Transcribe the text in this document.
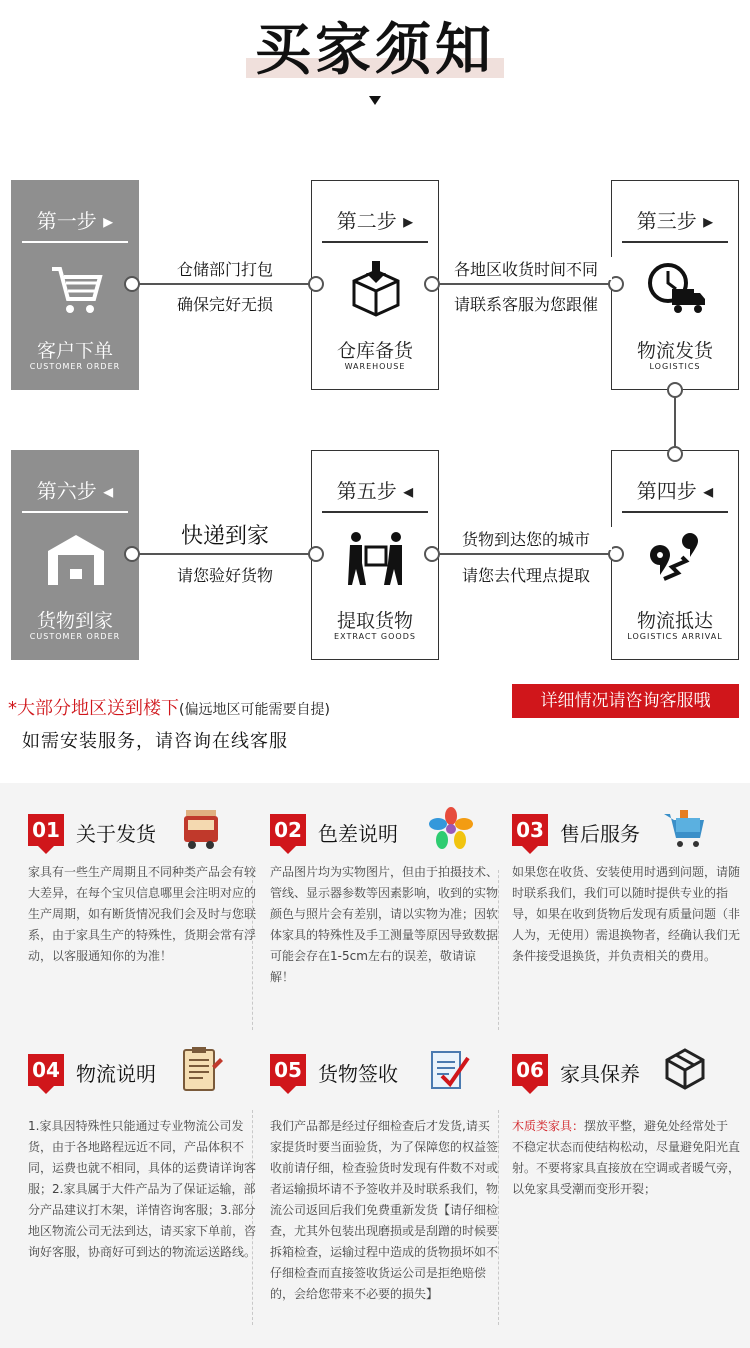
买家须知
第一步 ▸
客户下单
CUSTOMER ORDER
第二步 ▸
仓库备货
WAREHOUSE
第三步 ▸
物流发货
LOGISTICS
第四步 ◂
物流抵达
LOGISTICS ARRIVAL
第五步 ◂
提取货物
EXTRACT GOODS
第六步 ◂
货物到家
CUSTOMER ORDER
仓储部门打包
确保完好无损
各地区收货时间不同
请联系客服为您跟催
货物到达您的城市
请您去代理点提取
快递到家
请您验好货物
*大部分地区送到楼下(偏远地区可能需要自提)
如需安装服务，请咨询在线客服
详细情况请咨询客服哦
01 关于发货
家具有一些生产周期且不同种类产品会有较大差异，在每个宝贝信息哪里会注明对应的生产周期，如有断货情况我们会及时与您联系，由于家具生产的特殊性，货期会常有浮动，以客服通知你的为准！
02 色差说明
产品图片均为实物图片，但由于拍摄技术、管线、显示器参数等因素影响，收到的实物颜色与照片会有差别，请以实物为准；因软体家具的特殊性及手工测量等原因导致数据可能会存在1-5cm左右的误差，敬请谅解！
03 售后服务
如果您在收货、安装使用时遇到问题，请随时联系我们，我们可以随时提供专业的指导，如果在收到货物后发现有质量问题（非人为，无使用）需退换物者，经确认我们无条件接受退换货，并负责相关的费用。
04 物流说明
1.家具因特殊性只能通过专业物流公司发货，由于各地路程远近不同，产品体积不同，运费也就不相同，具体的运费请详询客服；2.家具属于大件产品为了保证运输，部分产品建议打木架，详情咨询客服；3.部分地区物流公司无法到达，请买家下单前，咨询好客服，协商好可到达的物流运送路线。
05 货物签收
我们产品都是经过仔细检查后才发货,请买家提货时要当面验货，为了保障您的权益签收前请仔细，检查验货时发现有件数不对或者运输损坏请不予签收并及时联系我们，物流公司返回后我们免费重新发货【请仔细检查，尤其外包装出现磨损或是刮蹭的时候要拆箱检查，运输过程中造成的货物损坏如不仔细检查而直接签收货运公司是拒绝赔偿的，会给您带来不必要的损失】
06 家具保养
木质类家具：摆放平整，避免处经常处于不稳定状态而使结构松动，尽量避免阳光直射。不要将家具直接放在空调或者暖气旁，以免家具受潮而变形开裂；
